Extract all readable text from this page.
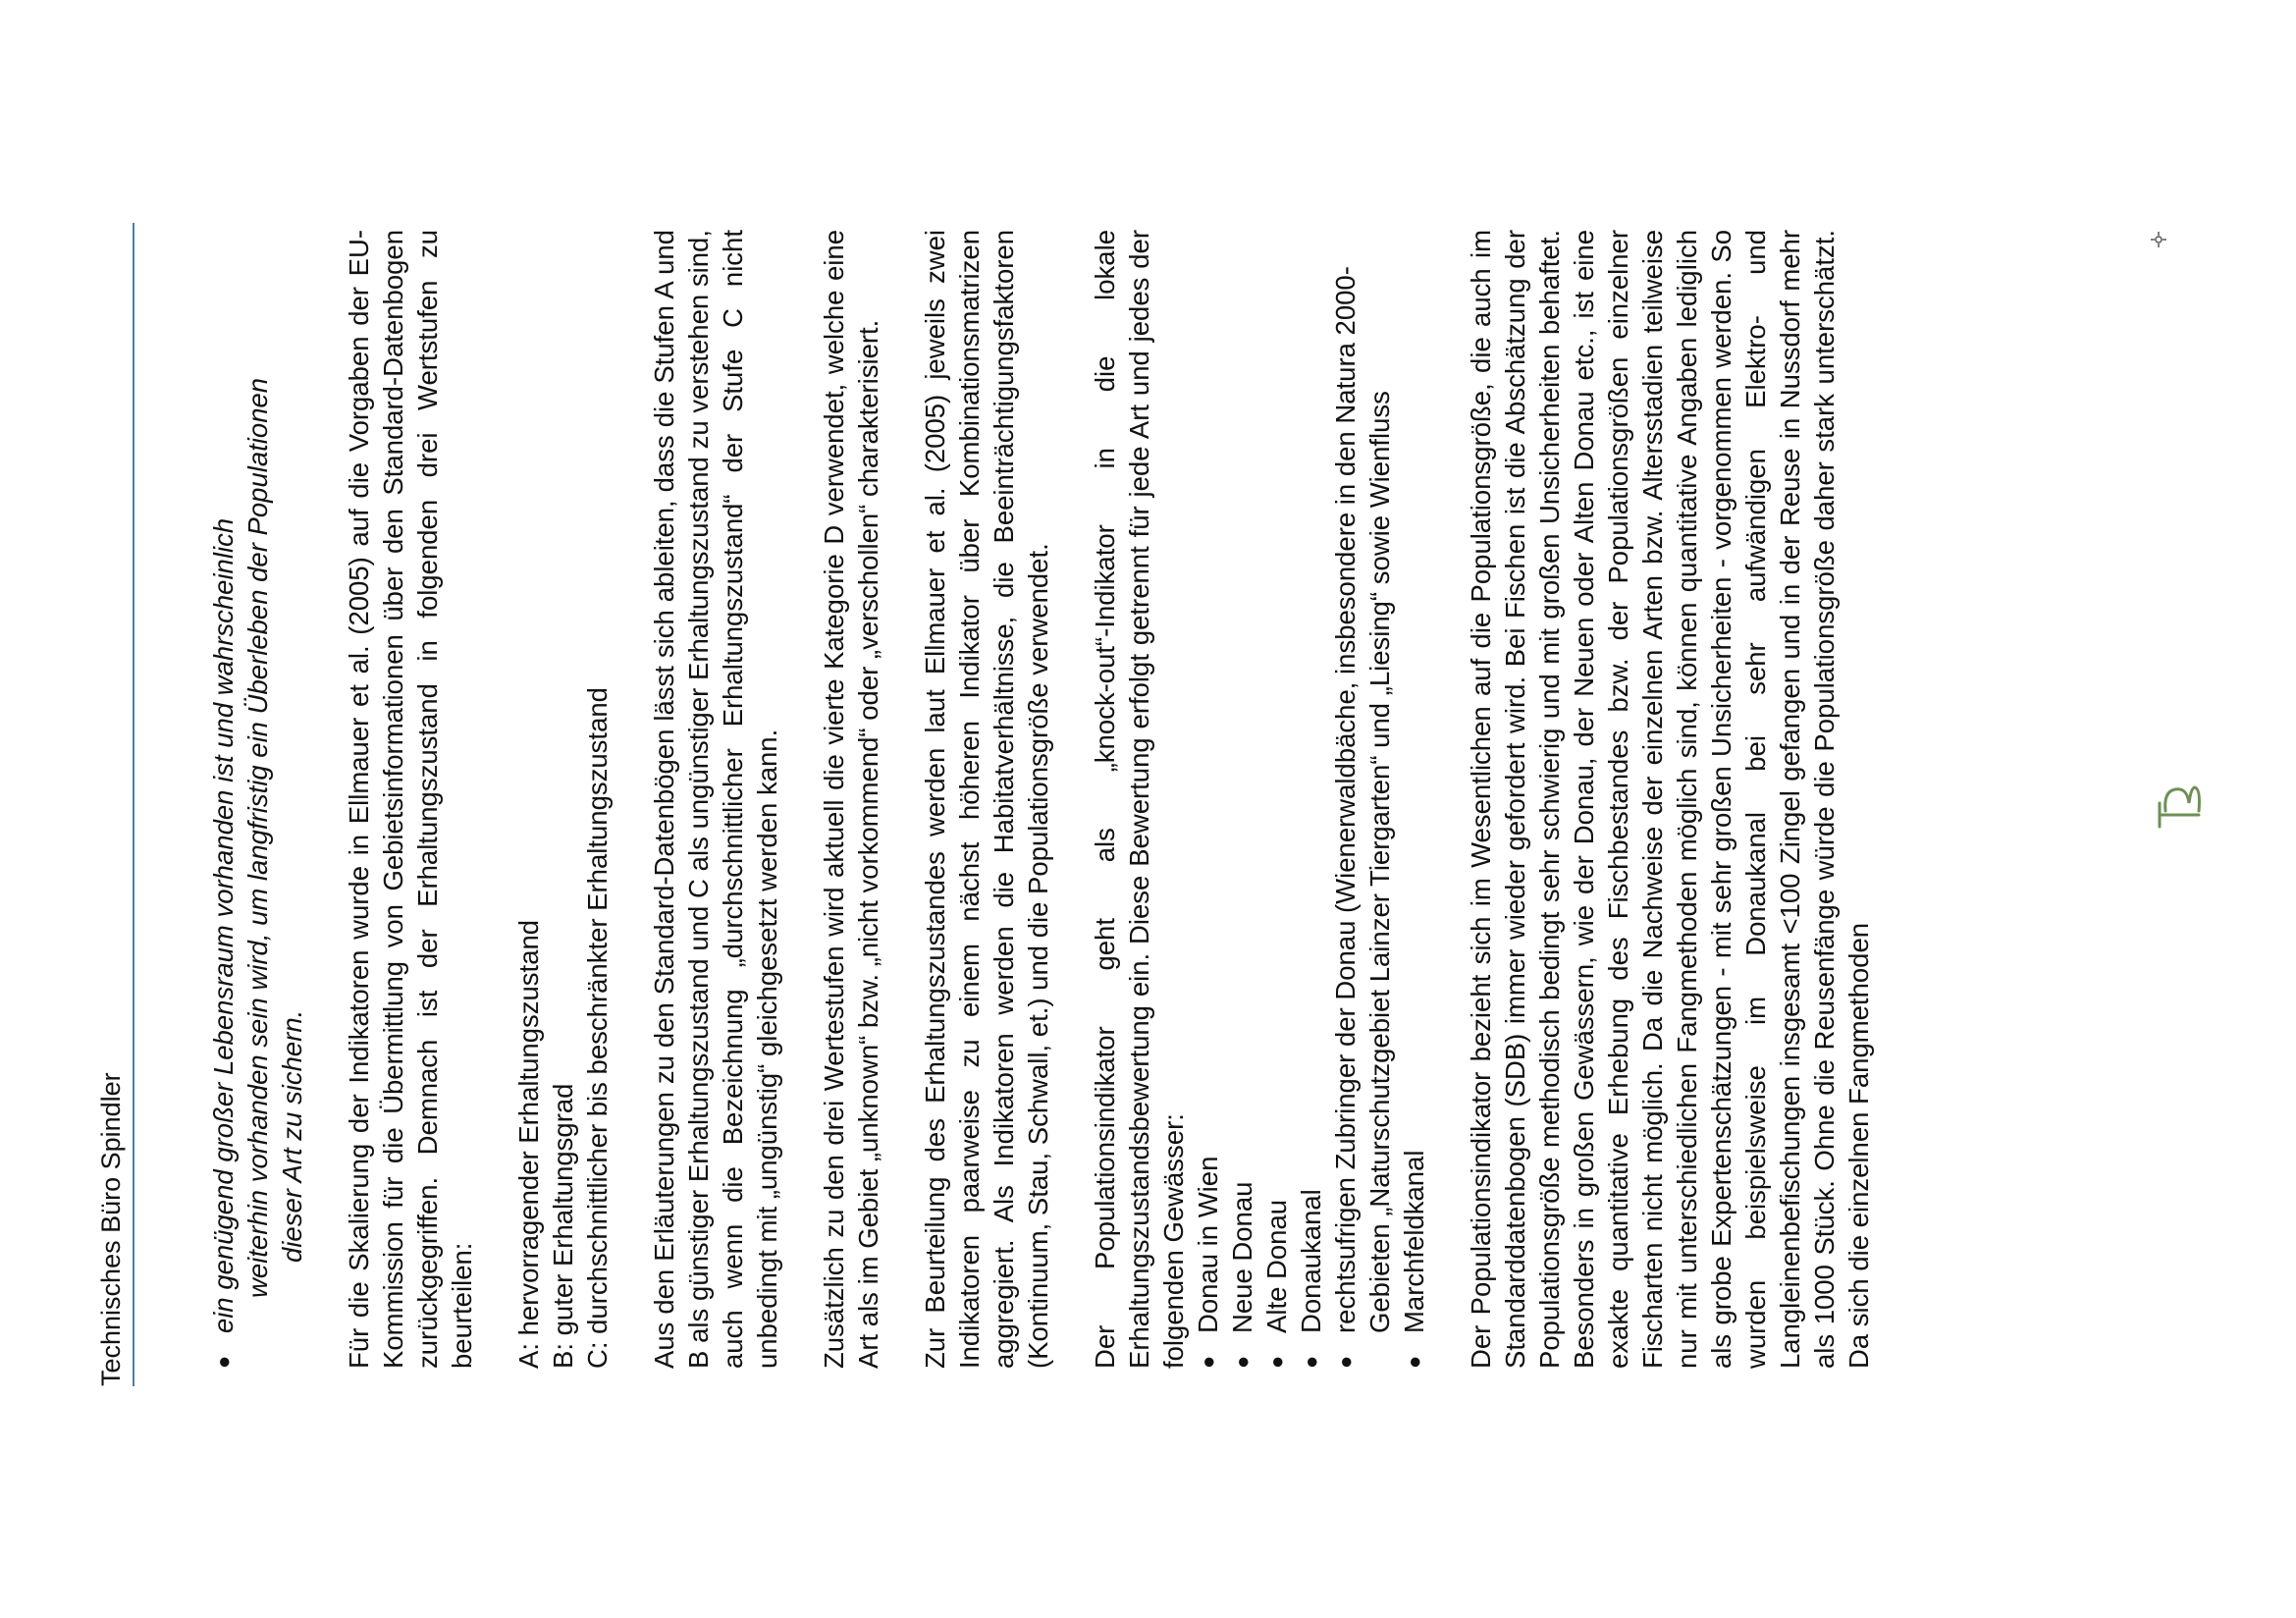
Technisches Büro Spindler	●
ein genügend großer Lebensraum vorhanden ist und wahrscheinlich weiterhin vorhanden sein wird, um langfristig ein Überleben der Populationen dieser Art zu sichern. Für die Skalierung der Indikatoren wurde in Ellmauer et al. (2005) auf die Vorgaben der EU-Kommission für die Übermittlung von Gebietsinformationen über den Standard-Datenbogen zurückgegriffen. Demnach ist der Erhaltungszustand in folgenden drei Wertstufen zu beurteilen: A: hervorragender Erhaltungszustand B: guter Erhaltungsgrad C: durchschnittlicher bis beschränkter Erhaltungszustand Aus den Erläuterungen zu den Standard-Datenbögen lässt sich ableiten, dass die Stufen A und B als günstiger Erhaltungszustand und C als ungünstiger Erhaltungszustand zu verstehen sind, auch wenn die Bezeichnung „durchschnittlicher Erhaltungszustand“ der Stufe C nicht unbedingt mit „ungünstig“ gleichgesetzt werden kann. Zusätzlich zu den drei Wertestufen wird aktuell die vierte Kategorie D verwendet, welche eine Art als im Gebiet „unknown“ bzw. „nicht vorkommend“ oder „verschollen“ charakterisiert. Zur Beurteilung des Erhaltungszustandes werden laut Ellmauer et al. (2005) jeweils zwei Indikatoren paarweise zu einem nächst höheren Indikator über Kombinationsmatrizen aggregiert. Als Indikatoren werden die Habitatverhältnisse, die Beeinträchtigungsfaktoren (Kontinuum, Stau, Schwall, et.) und die Populationsgröße verwendet. Der Populationsindikator geht als „knock-out“-Indikator in die lokale Erhaltungszustandsbewertung ein. Diese Bewertung erfolgt getrennt für jede Art und jedes der folgenden Gewässer: ●
Donau in Wien
●
Neue Donau
●
Alte Donau
●
Donaukanal
●
rechtsufrigen Zubringer der Donau (Wienerwaldbäche, insbesondere in den Natura 2000-Gebieten „Naturschutzgebiet Lainzer Tiergarten“ und „Liesing“ sowie Wienfluss
●
Marchfeldkanal Der Populationsindikator bezieht sich im Wesentlichen auf die Populationsgröße, die auch im Standarddatenbogen (SDB) immer wieder gefordert wird. Bei Fischen ist die Abschätzung der Populationsgröße methodisch bedingt sehr schwierig und mit großen Unsicherheiten behaftet. Besonders in großen Gewässern, wie der Donau, der Neuen oder Alten Donau etc., ist eine exakte quantitative Erhebung des Fischbestandes bzw. der Populationsgrößen einzelner Fischarten nicht möglich. Da die Nachweise der einzelnen Arten bzw. Altersstadien teilweise nur mit unterschiedlichen Fangmethoden möglich sind, können quantitative Angaben lediglich als grobe Expertenschätzungen - mit sehr großen Unsicherheiten - vorgenommen werden. So wurden beispielsweise im Donaukanal bei sehr aufwändigen Elektro- und Langleinenbefischungen insgesamt <100 Zingel gefangen und in der Reuse in Nussdorf mehr als 1000 Stück. Ohne die Reusenfänge würde die Populationsgröße daher stark unterschätzt. Da sich die einzelnen Fangmethoden
